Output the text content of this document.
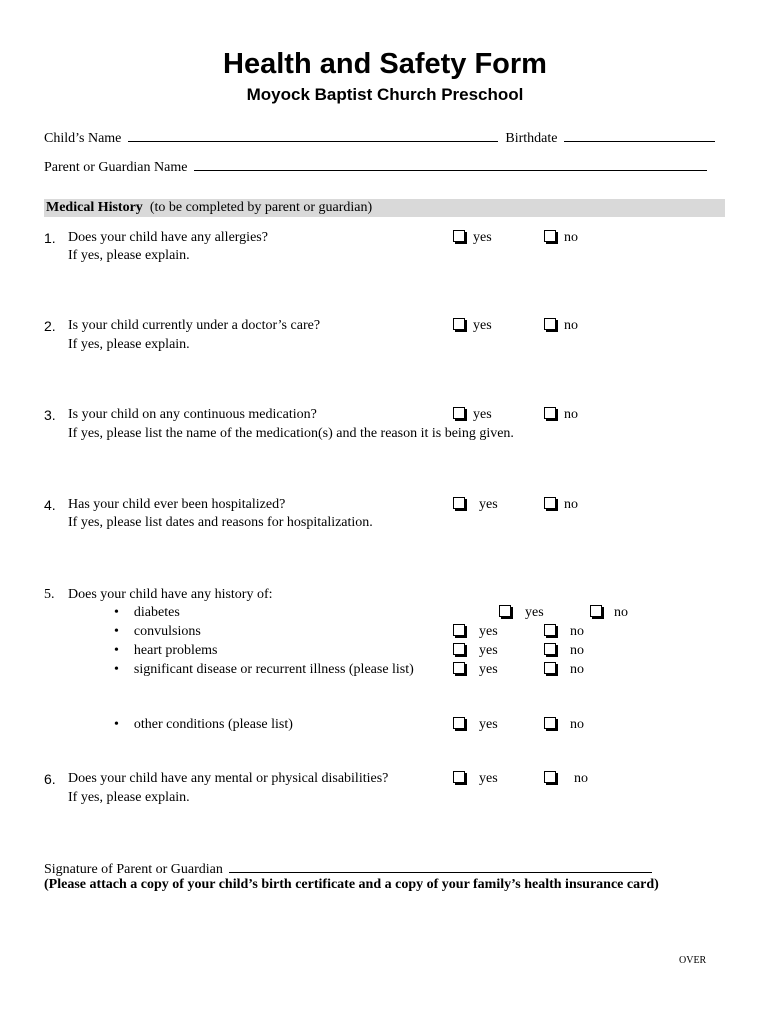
Health and Safety Form
Moyock Baptist Church Preschool
Child’s Name	Birthdate
Parent or Guardian Name
Medical History (to be completed by parent or guardian)
1. Does your child have any allergies?
If yes, please explain.
yes	no
2. Is your child currently under a doctor’s care?
If yes, please explain.
yes	no
3. Is your child on any continuous medication?
If yes, please list the name of the medication(s) and the reason it is being given.
yes	no
4. Has your child ever been hospitalized?
If yes, please list dates and reasons for hospitalization.
yes	no
5. Does your child have any history of:
• diabetes	yes	no
• convulsions	yes	no
• heart problems	yes	no
• significant disease or recurrent illness (please list)	yes	no
• other conditions (please list)	yes	no
6. Does your child have any mental or physical disabilities?
If yes, please explain.
yes	no
Signature of Parent or Guardian
(Please attach a copy of your child’s birth certificate and a copy of your family’s health insurance card)
OVER
